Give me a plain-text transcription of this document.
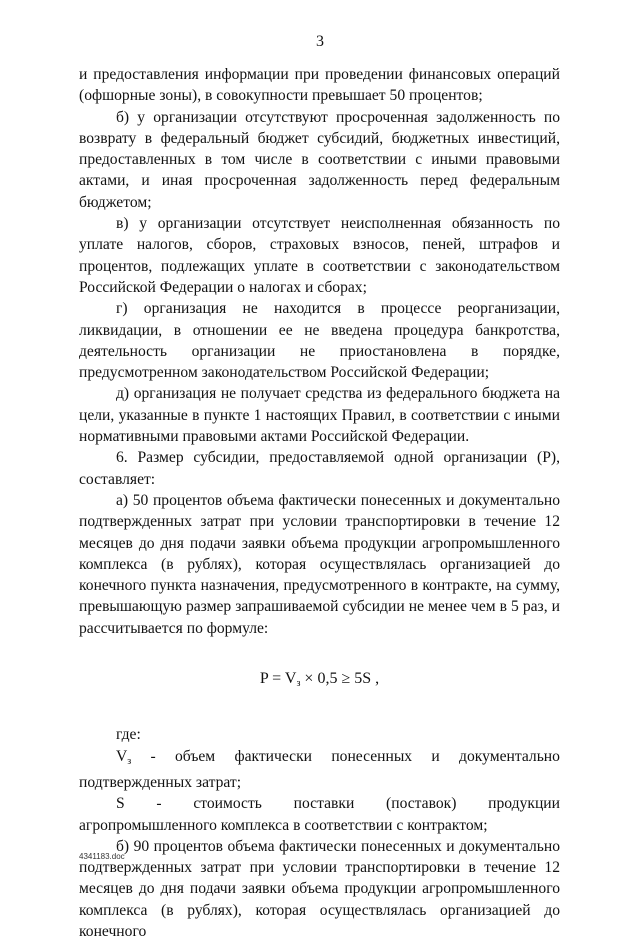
3

и предоставления информации при проведении финансовых операций (офшорные зоны), в совокупности превышает 50 процентов;

б) у организации отсутствуют просроченная задолженность по возврату в федеральный бюджет субсидий, бюджетных инвестиций, предоставленных в том числе в соответствии с иными правовыми актами, и иная просроченная задолженность перед федеральным бюджетом;

в) у организации отсутствует неисполненная обязанность по уплате налогов, сборов, страховых взносов, пеней, штрафов и процентов, подлежащих уплате в соответствии с законодательством Российской Федерации о налогах и сборах;

г) организация не находится в процессе реорганизации, ликвидации, в отношении ее не введена процедура банкротства, деятельность организации не приостановлена в порядке, предусмотренном законодательством Российской Федерации;

д) организация не получает средства из федерального бюджета на цели, указанные в пункте 1 настоящих Правил, в соответствии с иными нормативными правовыми актами Российской Федерации.

6. Размер субсидии, предоставляемой одной организации (Р), составляет:

а) 50 процентов объема фактически понесенных и документально подтвержденных затрат при условии транспортировки в течение 12 месяцев до дня подачи заявки объема продукции агропромышленного комплекса (в рублях), которая осуществлялась организацией до конечного пункта назначения, предусмотренного в контракте, на сумму, превышающую размер запрашиваемой субсидии не менее чем в 5 раз, и рассчитывается по формуле:

$P = V_з \times 0,5 \ge 5S$ ,

где:

$V_з$ - объем фактически понесенных и документально

подтвержденных затрат;

S - стоимость поставки (поставок) продукции агропромышленного комплекса в соответствии с контрактом;

б) 90 процентов объема фактически понесенных и документально подтвержденных затрат при условии транспортировки в течение 12 месяцев до дня подачи заявки объема продукции агропромышленного комплекса (в рублях), которая осуществлялась организацией до конечного

4341183.doc
